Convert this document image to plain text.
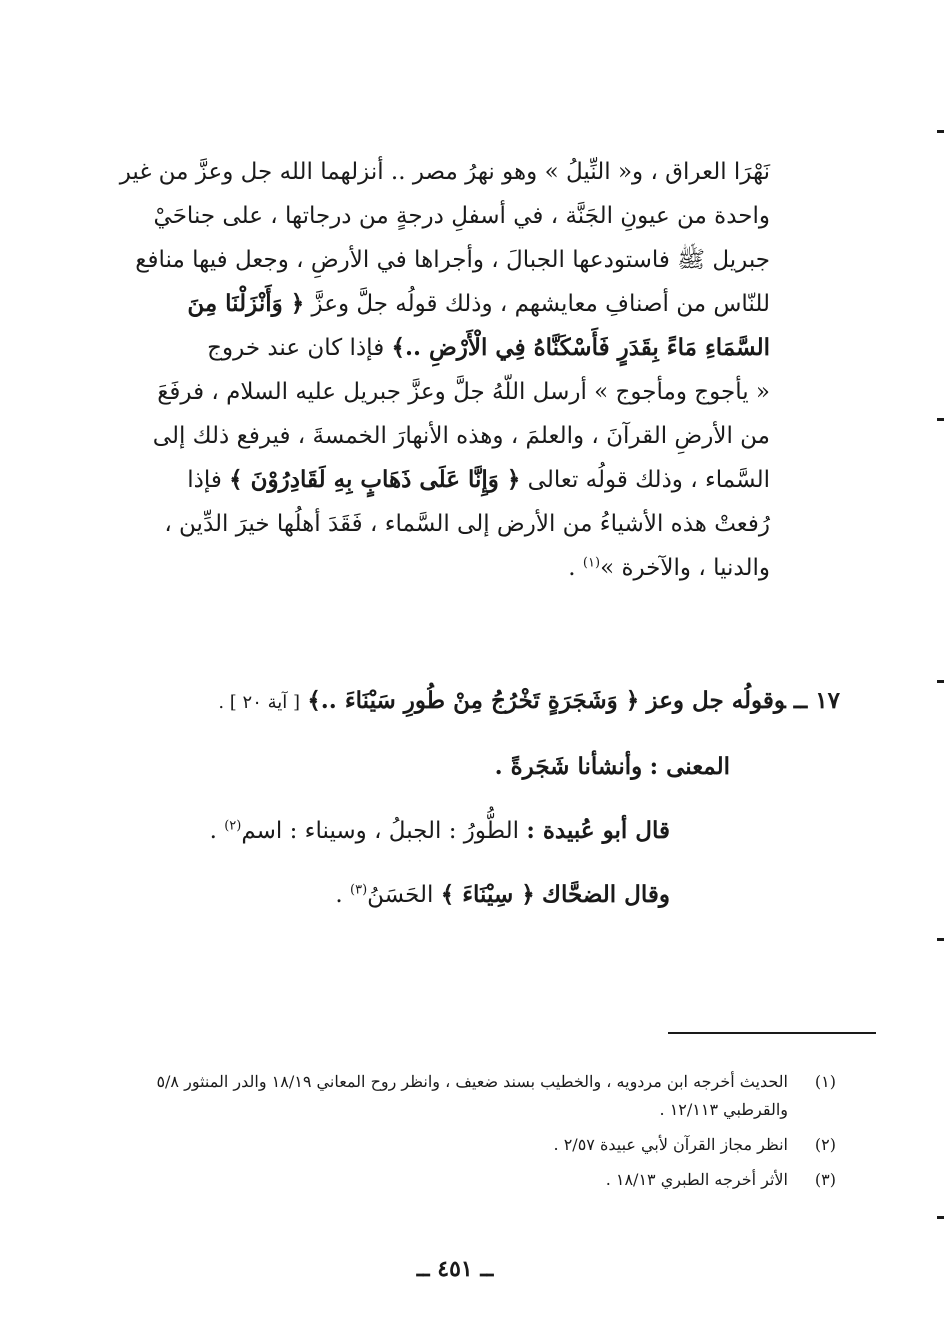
نَهْرَا العراق ، و« النِّيلُ » وهو نهرُ مصر .. أنزلهما الله جل وعزَّ من غير

واحدة من عيونِ الجَنَّة ، في أسفلِ درجةٍ من درجاتها ، على جناحَيْ

جبريل ﷺ فاستودعها الجبالَ ، وأجراها في الأرضِ ، وجعل فيها منافع

للنّاس من أصنافِ معايشهم ، وذلك قولُه جلَّ وعزَّ ﴿ وَأَنْزَلْنَا مِنَ

السَّمَاءِ مَاءً بِقَدَرٍ فَأَسْكَنَّاهُ فِي الْأَرْضِ ..﴾ فإذا كان عند خروج

« يأجوج ومأجوج » أرسل اللّهُ جلَّ وعزَّ جبريل عليه السلام ، فرفَعَ

من الأرضِ القرآنَ ، والعلمَ ، وهذه الأنهارَ الخمسةَ ، فيرفع ذلك إلى

السَّماء ، وذلك قولُه تعالى ﴿ وَإِنَّا عَلَى ذَهَابٍ بِهِ لَقَادِرُوْنَ ﴾ فإذا

رُفعتْ هذه الأشياءُ من الأرض إلى السَّماء ، فَقَدَ أهلُها خيرَ الدِّين ،

والدنيا ، والآخرة »$^{(١)}$ .

١٧ ــوقولُه جل وعز ﴿ وَشَجَرَةٍ تَخْرُجُ مِنْ طُورِ سَيْنَاءَ ..﴾ [ آية ٢٠ ] .

المعنى : وأنشأنا شَجَرةً .

قال أبو عُبيدة : الطُّورُ : الجبلُ ، وسيناء : اسم$^{(٢)}$ .

وقال الضحَّاك ﴿ سِيْنَاءَ ﴾ الحَسَنُ$^{(٣)}$ .

(١)
الحديث أخرجه ابن مردويه ، والخطيب بسند ضعيف ، وانظر روح المعاني ١٨/١٩ والدر المنثور ٥/٨ والقرطبي ١٢/١١٣ .
(٢)
انظر مجاز القرآن لأبي عبيدة ٢/٥٧ .
(٣)
الأثر أخرجه الطبري ١٨/١٣ .
ــ ٤٥١ ــ
